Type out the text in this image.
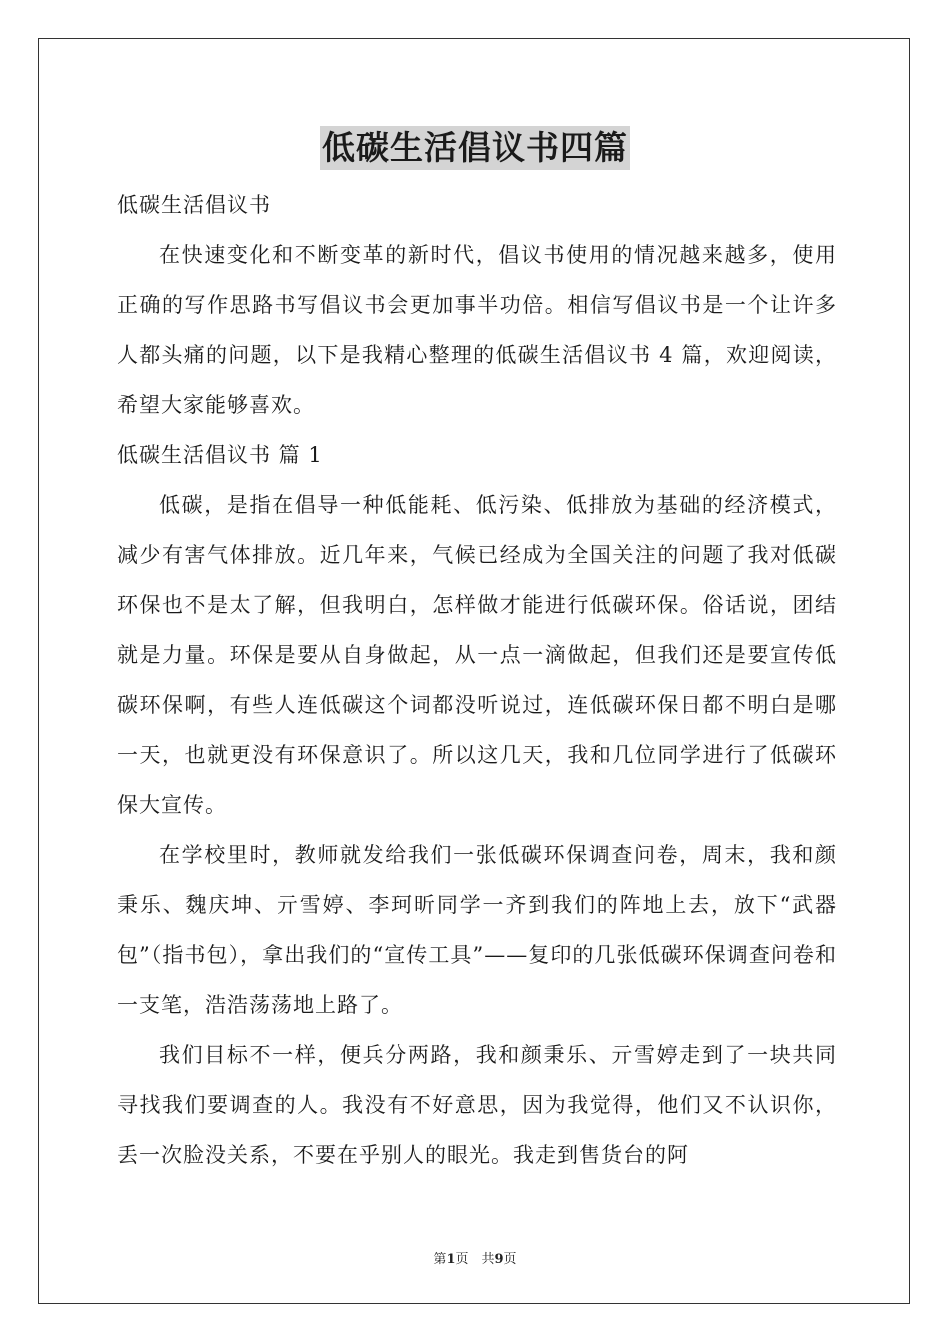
低碳生活倡议书四篇

低碳生活倡议书

在快速变化和不断变革的新时代，倡议书使用的情况越来越多，使用正确的写作思路书写倡议书会更加事半功倍。相信写倡议书是一个让许多人都头痛的问题，以下是我精心整理的低碳生活倡议书 4 篇，欢迎阅读，希望大家能够喜欢。

低碳生活倡议书 篇 1

低碳，是指在倡导一种低能耗、低污染、低排放为基础的经济模式，减少有害气体排放。近几年来，气候已经成为全国关注的问题了我对低碳环保也不是太了解，但我明白，怎样做才能进行低碳环保。俗话说，团结就是力量。环保是要从自身做起，从一点一滴做起，但我们还是要宣传低碳环保啊，有些人连低碳这个词都没听说过，连低碳环保日都不明白是哪一天，也就更没有环保意识了。所以这几天，我和几位同学进行了低碳环保大宣传。

在学校里时，教师就发给我们一张低碳环保调查问卷，周末，我和颜秉乐、魏庆坤、亓雪婷、李珂昕同学一齐到我们的阵地上去，放下“武器包”（指书包），拿出我们的“宣传工具”——复印的几张低碳环保调查问卷和一支笔，浩浩荡荡地上路了。

我们目标不一样，便兵分两路，我和颜秉乐、亓雪婷走到了一块共同寻找我们要调查的人。我没有不好意思，因为我觉得，他们又不认识你，丢一次脸没关系，不要在乎别人的眼光。我走到售货台的阿

第1页　共9页
